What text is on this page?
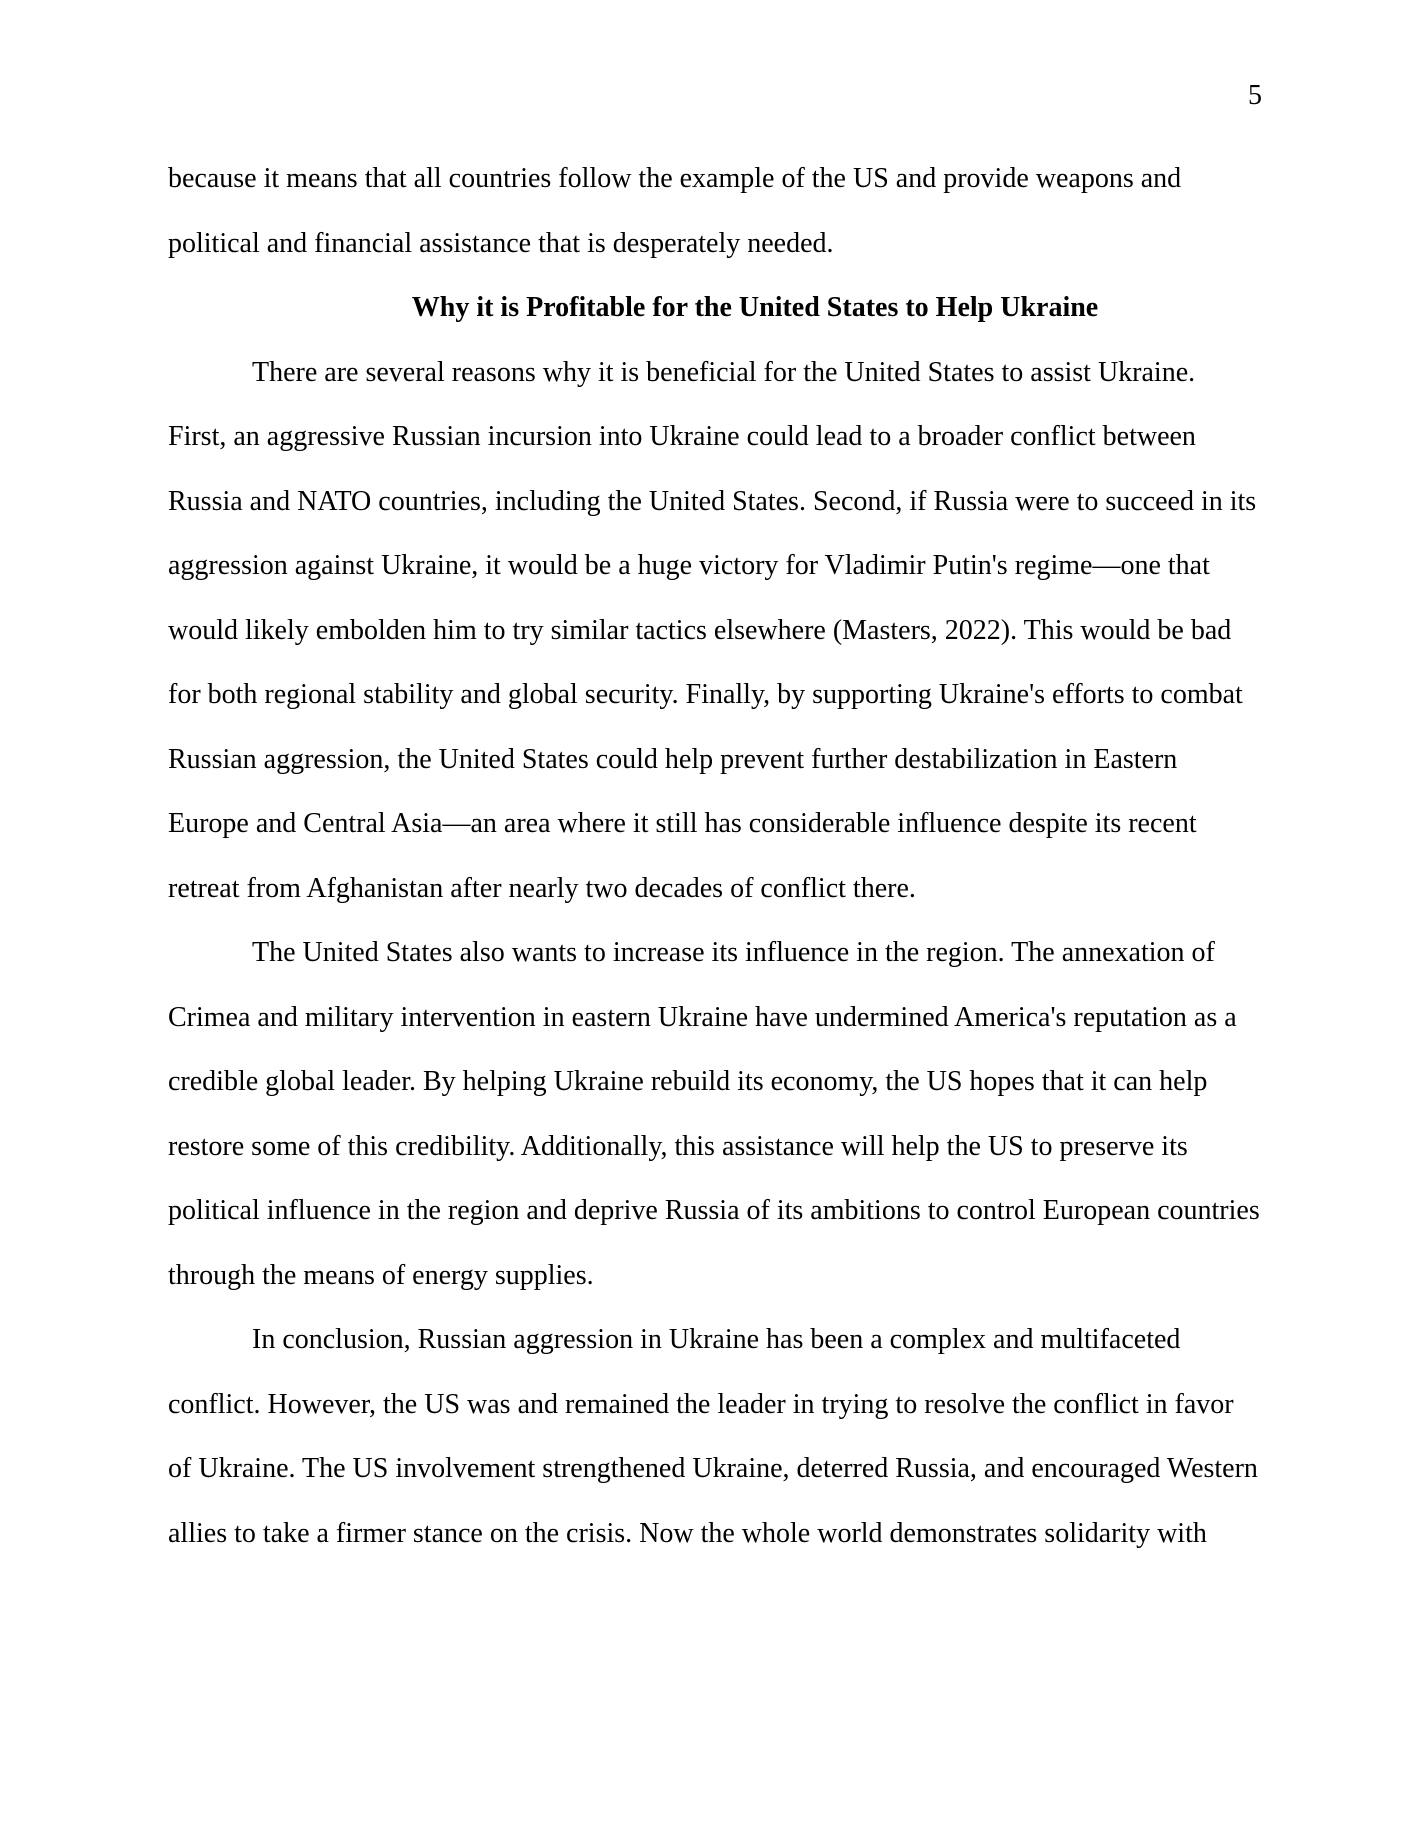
5
because it means that all countries follow the example of the US and provide weapons and
political and financial assistance that is desperately needed.
Why it is Profitable for the United States to Help Ukraine
There are several reasons why it is beneficial for the United States to assist Ukraine.
First, an aggressive Russian incursion into Ukraine could lead to a broader conflict between
Russia and NATO countries, including the United States. Second, if Russia were to succeed in its
aggression against Ukraine, it would be a huge victory for Vladimir Putin's regime—one that
would likely embolden him to try similar tactics elsewhere (Masters, 2022). This would be bad
for both regional stability and global security. Finally, by supporting Ukraine's efforts to combat
Russian aggression, the United States could help prevent further destabilization in Eastern
Europe and Central Asia—an area where it still has considerable influence despite its recent
retreat from Afghanistan after nearly two decades of conflict there.
The United States also wants to increase its influence in the region. The annexation of
Crimea and military intervention in eastern Ukraine have undermined America's reputation as a
credible global leader. By helping Ukraine rebuild its economy, the US hopes that it can help
restore some of this credibility. Additionally, this assistance will help the US to preserve its
political influence in the region and deprive Russia of its ambitions to control European countries
through the means of energy supplies.
In conclusion, Russian aggression in Ukraine has been a complex and multifaceted
conflict. However, the US was and remained the leader in trying to resolve the conflict in favor
of Ukraine. The US involvement strengthened Ukraine, deterred Russia, and encouraged Western
allies to take a firmer stance on the crisis. Now the whole world demonstrates solidarity with
